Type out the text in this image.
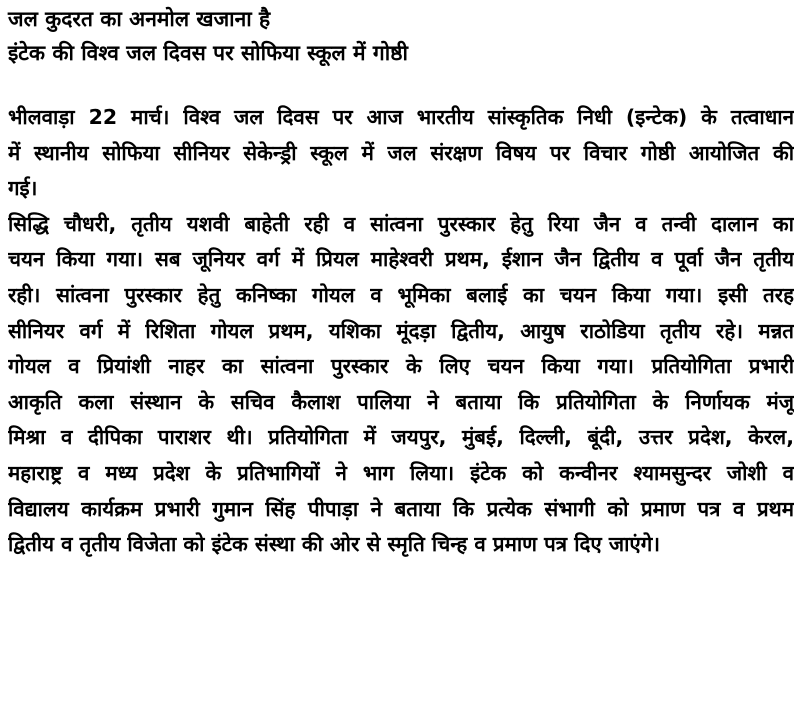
जल कुदरत का अनमोल खजाना है
इंटेक की विश्व जल दिवस पर सोफिया स्कूल में गोष्ठी
भीलवाड़ा 22 मार्च। विश्व जल दिवस पर आज भारतीय सांस्कृतिक निधी (इन्टेक) के तत्वाधान
में स्थानीय सोफिया सीनियर सेकेन्ड्री स्कूल में जल संरक्षण विषय पर विचार गोष्ठी आयोजित की
गई।
सिद्धि चौधरी, तृतीय यशवी बाहेती रही व सांत्वना पुरस्कार हेतु रिया जैन व तन्वी दालान का
चयन किया गया। सब जूनियर वर्ग में प्रियल माहेश्वरी प्रथम, ईशान जैन द्वितीय व पूर्वा जैन तृतीय
रही। सांत्वना पुरस्कार हेतु कनिष्का गोयल व भूमिका बलाई का चयन किया गया। इसी तरह
सीनियर वर्ग में रिशिता गोयल प्रथम, यशिका मूंदड़ा द्वितीय, आयुष राठोडिया तृतीय रहे। मन्नत
गोयल व प्रियांशी नाहर का सांत्वना पुरस्कार के लिए चयन किया गया। प्रतियोगिता प्रभारी
आकृति कला संस्थान के सचिव कैलाश पालिया ने बताया कि प्रतियोगिता के निर्णायक मंजू
मिश्रा व दीपिका पाराशर थी। प्रतियोगिता में जयपुर, मुंबई, दिल्ली, बूंदी, उत्तर प्रदेश, केरल,
महाराष्ट्र व मध्य प्रदेश के प्रतिभागियों ने भाग लिया। इंटेक को कन्वीनर श्यामसुन्दर जोशी व
विद्यालय कार्यक्रम प्रभारी गुमान सिंह पीपाड़ा ने बताया कि प्रत्येक संभागी को प्रमाण पत्र व प्रथम
द्वितीय व तृतीय विजेता को इंटेक संस्था की ओर से स्मृति चिन्ह व प्रमाण पत्र दिए जाएंगे।
